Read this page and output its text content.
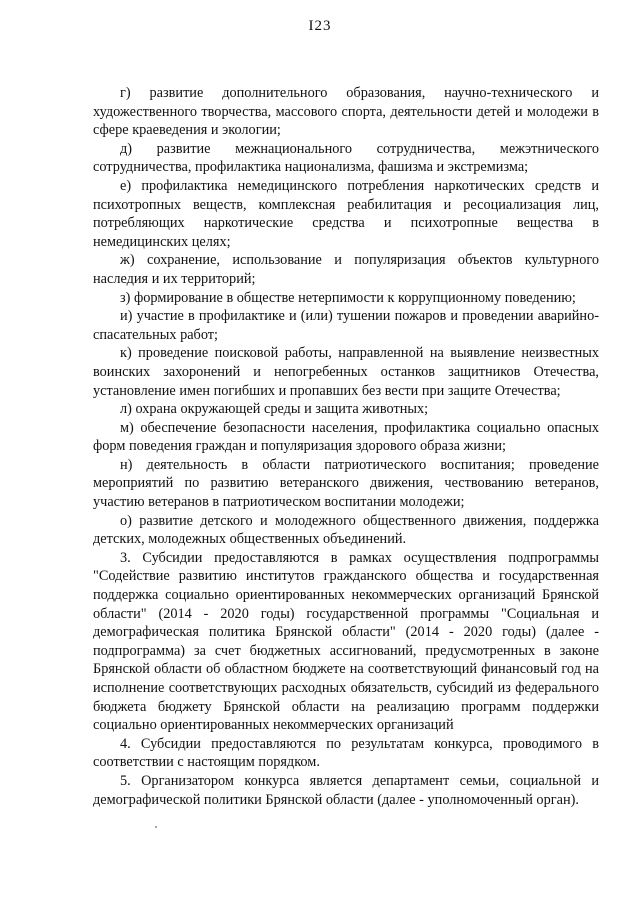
I23

г) развитие дополнительного образования, научно-технического и художественного творчества, массового спорта, деятельности детей и молодежи в сфере краеведения и экологии;

д) развитие межнационального сотрудничества, межэтнического сотрудничества, профилактика национализма, фашизма и экстремизма;

е) профилактика немедицинского потребления наркотических средств и психотропных веществ, комплексная реабилитация и ресоциализация лиц, потребляющих наркотические средства и психотропные вещества в немедицинских целях;

ж) сохранение, использование и популяризация объектов культурного наследия и их территорий;

з) формирование в обществе нетерпимости к коррупционному поведению;

и) участие в профилактике и (или) тушении пожаров и проведении аварийно-спасательных работ;

к) проведение поисковой работы, направленной на выявление неизвестных воинских захоронений и непогребенных останков защитников Отечества, установление имен погибших и пропавших без вести при защите Отечества;

л) охрана окружающей среды и защита животных;

м) обеспечение безопасности населения, профилактика социально опасных форм поведения граждан и популяризация здорового образа жизни;

н) деятельность в области патриотического воспитания; проведение мероприятий по развитию ветеранского движения, чествованию ветеранов, участию ветеранов в патриотическом воспитании молодежи;

о) развитие детского и молодежного общественного движения, поддержка детских, молодежных общественных объединений.

3. Субсидии предоставляются в рамках осуществления подпрограммы "Содействие развитию институтов гражданского общества и государственная поддержка социально ориентированных некоммерческих организаций Брянской области" (2014 - 2020 годы) государственной программы "Социальная и демографическая политика Брянской области" (2014 - 2020 годы) (далее - подпрограмма) за счет бюджетных ассигнований, предусмотренных в законе Брянской области об областном бюджете на соответствующий финансовый год на исполнение соответствующих расходных обязательств, субсидий из федерального бюджета бюджету Брянской области на реализацию программ поддержки социально ориентированных некоммерческих организаций

4. Субсидии предоставляются по результатам конкурса, проводимого в соответствии с настоящим порядком.

5. Организатором конкурса является департамент семьи, социальной и демографической политики Брянской области (далее - уполномоченный орган).
